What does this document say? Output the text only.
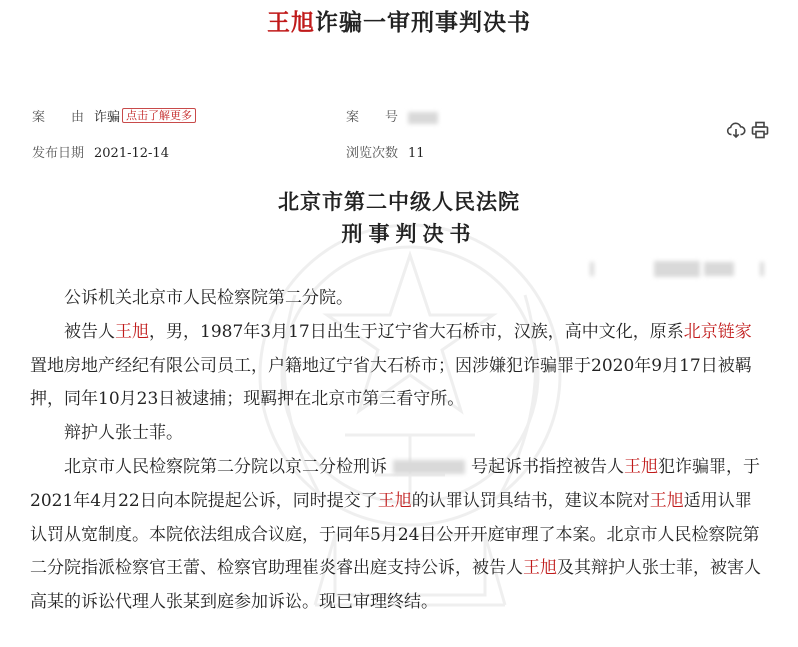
王旭诈骗一审刑事判决书
案　　由 诈骗 点击了解更多	案　　号
发布日期 2021-12-14	浏览次数 11
北京市第二中级人民法院
刑事判决书

公诉机关北京市人民检察院第二分院。

被告人王旭，男，1987年3月17日出生于辽宁省大石桥市，汉族，高中文化，原系北京链家置地房地产经纪有限公司员工，户籍地辽宁省大石桥市；因涉嫌犯诈骗罪于2020年9月17日被羁押，同年10月23日被逮捕；现羁押在北京市第三看守所。

辩护人张士菲。

北京市人民检察院第二分院以京二分检刑诉	号起诉书指控被告人王旭犯诈骗罪，于2021年4月22日向本院提起公诉，同时提交了王旭的认罪认罚具结书，建议本院对王旭适用认罪认罚从宽制度。本院依法组成合议庭，于同年5月24日公开开庭审理了本案。北京市人民检察院第二分院指派检察官王蕾、检察官助理崔炎睿出庭支持公诉，被告人王旭及其辩护人张士菲，被害人高某的诉讼代理人张某到庭参加诉讼。现已审理终结。
